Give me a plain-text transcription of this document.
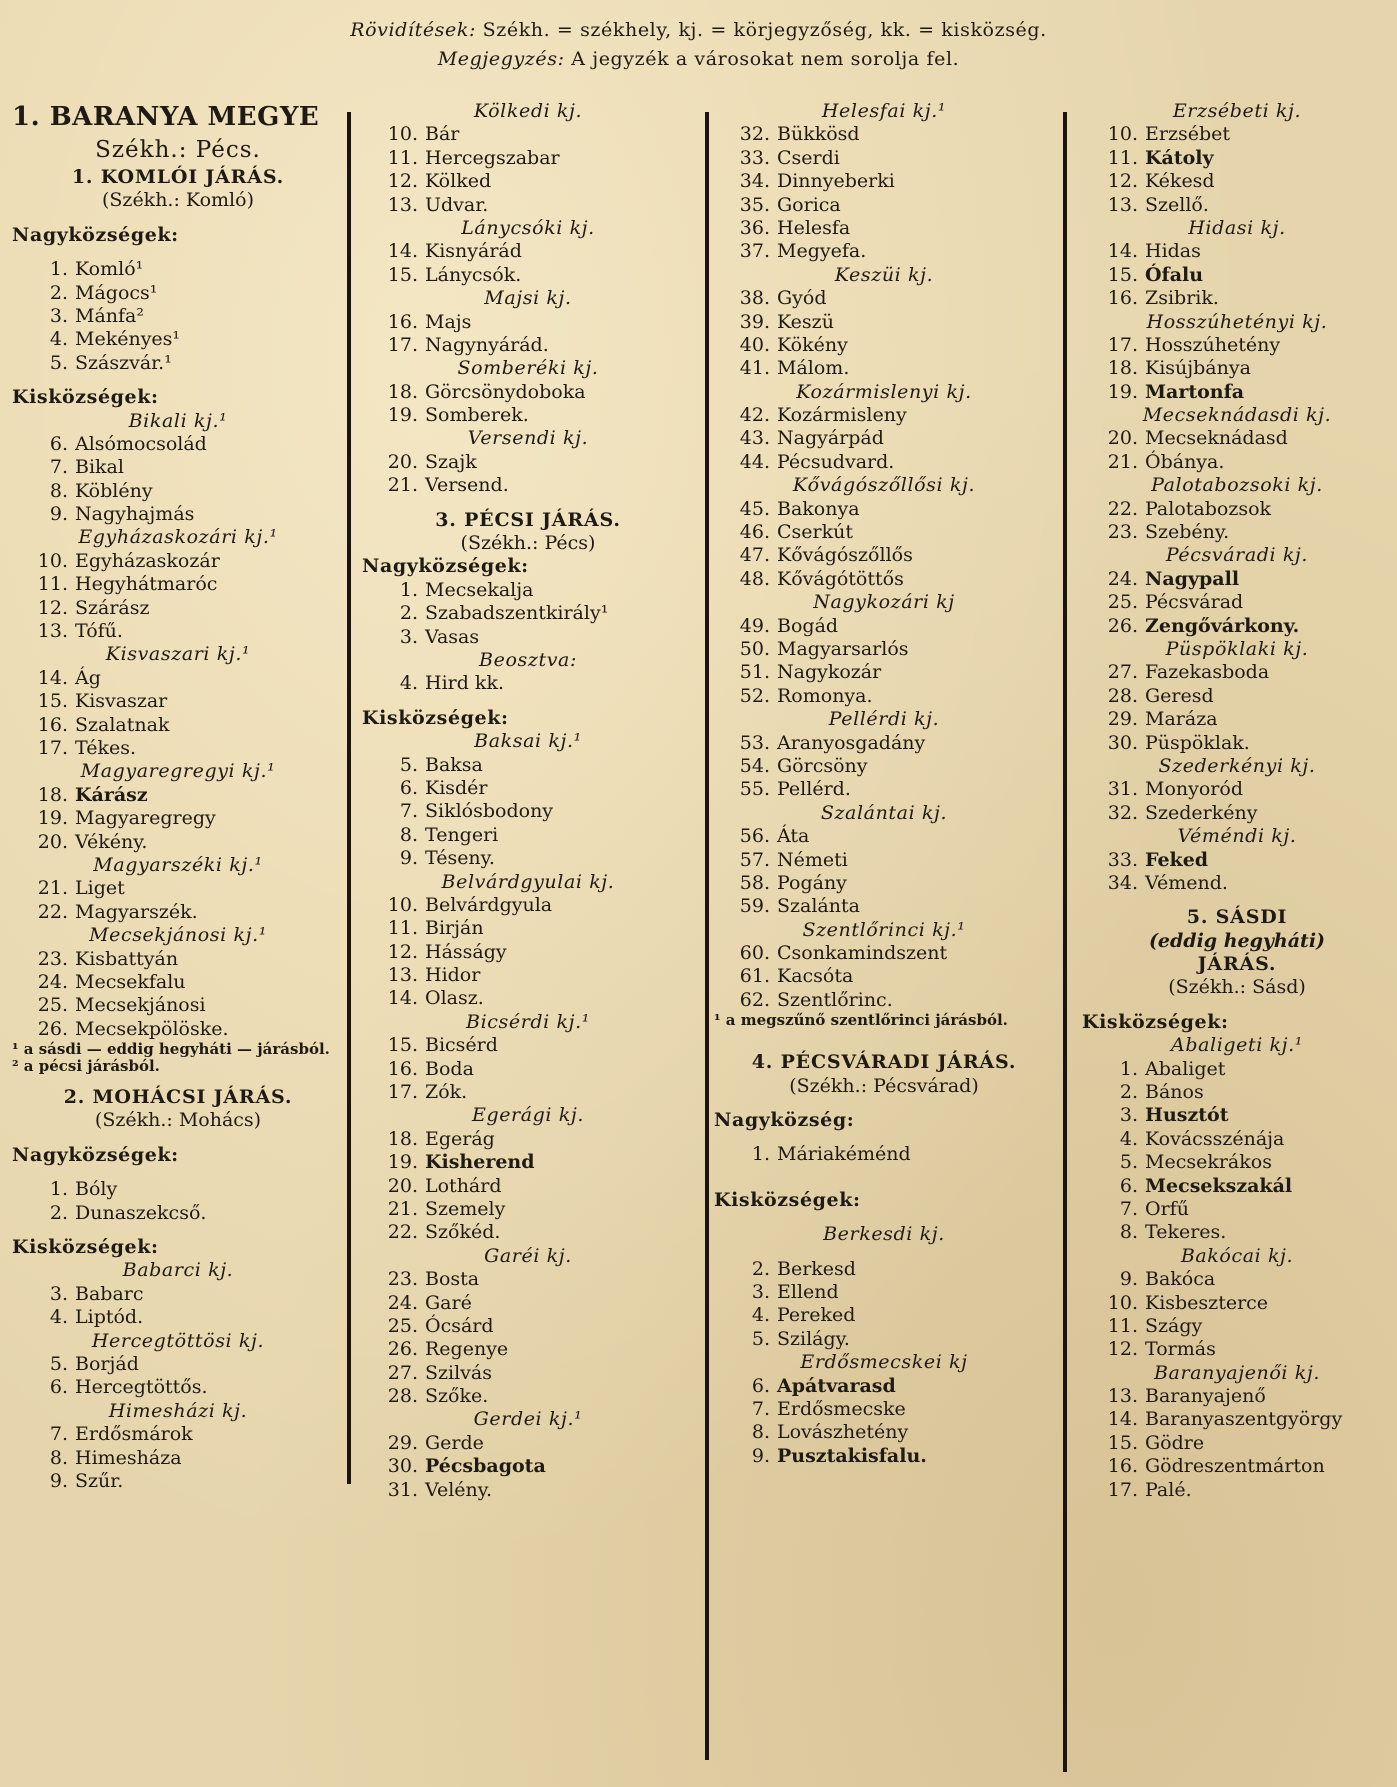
Rövidítések: Székh. = székhely, kj. = körjegyzőség, kk. = kisközség.
Megjegyzés: A jegyzék a városokat nem sorolja fel.
1. BARANYA MEGYE
Székh.: Pécs.
1. KOMLÓI JÁRÁS.
(Székh.: Komló)
Nagyközségek:
1. Komló¹
2. Mágocs¹
3. Mánfa²
4. Mekényes¹
5. Szászvár.¹
Kisközségek:
Bikali kj.¹
6. Alsómocsolád
7. Bikal
8. Köblény
9. Nagyhajmás
Egyházaskozári kj.¹
10. Egyházaskozár
11. Hegyhátmaróc
12. Szárász
13. Tófű.
Kisvaszari kj.¹
14. Ág
15. Kisvaszar
16. Szalatnak
17. Tékes.
Magyaregregyi kj.¹
18. Kárász
19. Magyaregregy
20. Vékény.
Magyarszéki kj.¹
21. Liget
22. Magyarszék.
Mecsekjánosi kj.¹
23. Kisbattyán
24. Mecsekfalu
25. Mecsekjánosi
26. Mecsekpölöske.
¹ a sásdi — eddig hegyháti — járásból.
² a pécsi járásból.
2. MOHÁCSI JÁRÁS.
(Székh.: Mohács)
Nagyközségek:
1. Bóly
2. Dunaszekcső.
Kisközségek:
Babarci kj.
3. Babarc
4. Liptód.
Hercegtöttösi kj.
5. Borjád
6. Hercegtöttős.
Himesházi kj.
7. Erdősmárok
8. Himesháza
9. Szűr.
Kölkedi kj.
10. Bár
11. Hercegszabar
12. Kölked
13. Udvar.
Lánycsóki kj.
14. Kisnyárád
15. Lánycsók.
Majsi kj.
16. Majs
17. Nagynyárád.
Somberéki kj.
18. Görcsönydoboka
19. Somberek.
Versendi kj.
20. Szajk
21. Versend.
3. PÉCSI JÁRÁS.
(Székh.: Pécs)
Nagyközségek:
1. Mecsekalja
2. Szabadszentkirály¹
3. Vasas
Beosztva:
4. Hird kk.
Kisközségek:
Baksai kj.¹
5. Baksa
6. Kisdér
7. Siklósbodony
8. Tengeri
9. Téseny.
Belvárdgyulai kj.
10. Belvárdgyula
11. Birján
12. Hásságy
13. Hidor
14. Olasz.
Bicsérdi kj.¹
15. Bicsérd
16. Boda
17. Zók.
Egerági kj.
18. Egerág
19. Kisherend
20. Lothárd
21. Szemely
22. Szőkéd.
Garéi kj.
23. Bosta
24. Garé
25. Ócsárd
26. Regenye
27. Szilvás
28. Szőke.
Gerdei kj.¹
29. Gerde
30. Pécsbagota
31. Velény.
Helesfai kj.¹
32. Bükkösd
33. Cserdi
34. Dinnyeberki
35. Gorica
36. Helesfa
37. Megyefa.
Keszüi kj.
38. Gyód
39. Keszü
40. Kökény
41. Málom.
Kozármislenyi kj.
42. Kozármisleny
43. Nagyárpád
44. Pécsudvard.
Kővágószőllősi kj.
45. Bakonya
46. Cserkút
47. Kővágószőllős
48. Kővágótöttős
Nagykozári kj
49. Bogád
50. Magyarsarlós
51. Nagykozár
52. Romonya.
Pellérdi kj.
53. Aranyosgadány
54. Görcsöny
55. Pellérd.
Szalántai kj.
56. Áta
57. Németi
58. Pogány
59. Szalánta
Szentlőrinci kj.¹
60. Csonkamindszent
61. Kacsóta
62. Szentlőrinc.
¹ a megszűnő szentlőrinci járásból.
4. PÉCSVÁRADI JÁRÁS.
(Székh.: Pécsvárad)
Nagyközség:
1. Máriakéménd
Kisközségek:
Berkesdi kj.
2. Berkesd
3. Ellend
4. Pereked
5. Szilágy.
Erdősmecskei kj
6. Apátvarasd
7. Erdősmecske
8. Lovászhetény
9. Pusztakisfalu.
Erzsébeti kj.
10. Erzsébet
11. Kátoly
12. Kékesd
13. Szellő.
Hidasi kj.
14. Hidas
15. Ófalu
16. Zsibrik.
Hosszúhetényi kj.
17. Hosszúhetény
18. Kisújbánya
19. Martonfa
Mecseknádasdi kj.
20. Mecseknádasd
21. Óbánya.
Palotabozsoki kj.
22. Palotabozsok
23. Szebény.
Pécsváradi kj.
24. Nagypall
25. Pécsvárad
26. Zengővárkony.
Püspöklaki kj.
27. Fazekasboda
28. Geresd
29. Maráza
30. Püspöklak.
Szederkényi kj.
31. Monyoród
32. Szederkény
Véméndi kj.
33. Feked
34. Vémend.
5. SÁSDI
(eddig hegyháti)
JÁRÁS.
(Székh.: Sásd)
Kisközségek:
Abaligeti kj.¹
1. Abaliget
2. Bános
3. Husztót
4. Kovácsszénája
5. Mecsekrákos
6. Mecsekszakál
7. Orfű
8. Tekeres.
Bakócai kj.
9. Bakóca
10. Kisbeszterce
11. Szágy
12. Tormás
Baranyajenői kj.
13. Baranyajenő
14. Baranyaszentgyörgy
15. Gödre
16. Gödreszentmárton
17. Palé.
